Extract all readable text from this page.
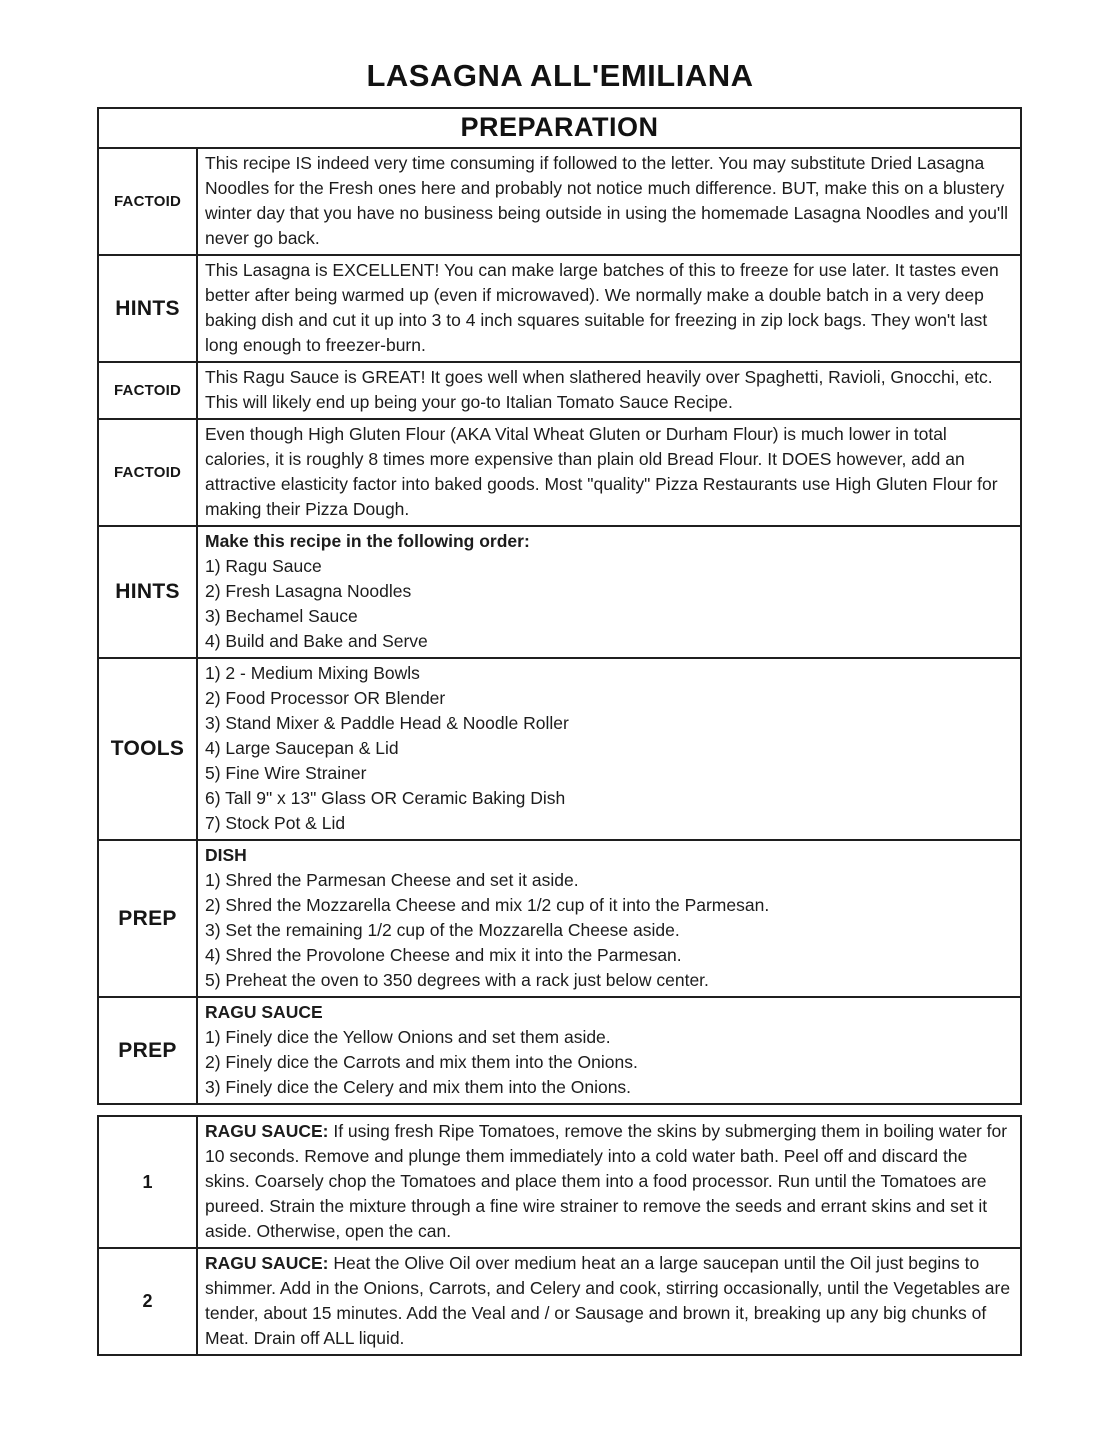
LASAGNA ALL'EMILIANA
PREPARATION
FACTOID
This recipe IS indeed very time consuming if followed to the letter. You may substitute Dried Lasagna Noodles for the Fresh ones here and probably not notice much difference. BUT, make this on a blustery winter day that you have no business being outside in using the homemade Lasagna Noodles and you'll never go back.
HINTS
This Lasagna is EXCELLENT! You can make large batches of this to freeze for use later. It tastes even better after being warmed up (even if microwaved). We normally make a double batch in a very deep baking dish and cut it up into 3 to 4 inch squares suitable for freezing in zip lock bags. They won't last long enough to freezer-burn.
FACTOID
This Ragu Sauce is GREAT! It goes well when slathered heavily over Spaghetti, Ravioli, Gnocchi, etc. This will likely end up being your go-to Italian Tomato Sauce Recipe.
FACTOID
Even though High Gluten Flour (AKA Vital Wheat Gluten or Durham Flour) is much lower in total calories, it is roughly 8 times more expensive than plain old Bread Flour. It DOES however, add an attractive elasticity factor into baked goods. Most "quality" Pizza Restaurants use High Gluten Flour for making their Pizza Dough.
HINTS
Make this recipe in the following order:
1) Ragu Sauce
2) Fresh Lasagna Noodles
3) Bechamel Sauce
4) Build and Bake and Serve
TOOLS
1) 2 - Medium Mixing Bowls
2) Food Processor OR Blender
3) Stand Mixer & Paddle Head & Noodle Roller
4) Large Saucepan & Lid
5) Fine Wire Strainer
6) Tall 9" x 13" Glass OR Ceramic Baking Dish
7) Stock Pot & Lid
PREP
DISH
1) Shred the Parmesan Cheese and set it aside.
2) Shred the Mozzarella Cheese and mix 1/2 cup of it into the Parmesan.
3) Set the remaining 1/2 cup of the Mozzarella Cheese aside.
4) Shred the Provolone Cheese and mix it into the Parmesan.
5) Preheat the oven to 350 degrees with a rack just below center.
PREP
RAGU SAUCE
1) Finely dice the Yellow Onions and set them aside.
2) Finely dice the Carrots and mix them into the Onions.
3) Finely dice the Celery and mix them into the Onions.
1
RAGU SAUCE: If using fresh Ripe Tomatoes, remove the skins by submerging them in boiling water for 10 seconds. Remove and plunge them immediately into a cold water bath. Peel off and discard the skins. Coarsely chop the Tomatoes and place them into a food processor. Run until the Tomatoes are pureed. Strain the mixture through a fine wire strainer to remove the seeds and errant skins and set it aside. Otherwise, open the can.
2
RAGU SAUCE: Heat the Olive Oil over medium heat an a large saucepan until the Oil just begins to shimmer. Add in the Onions, Carrots, and Celery and cook, stirring occasionally, until the Vegetables are tender, about 15 minutes. Add the Veal and / or Sausage and brown it, breaking up any big chunks of Meat. Drain off ALL liquid.
